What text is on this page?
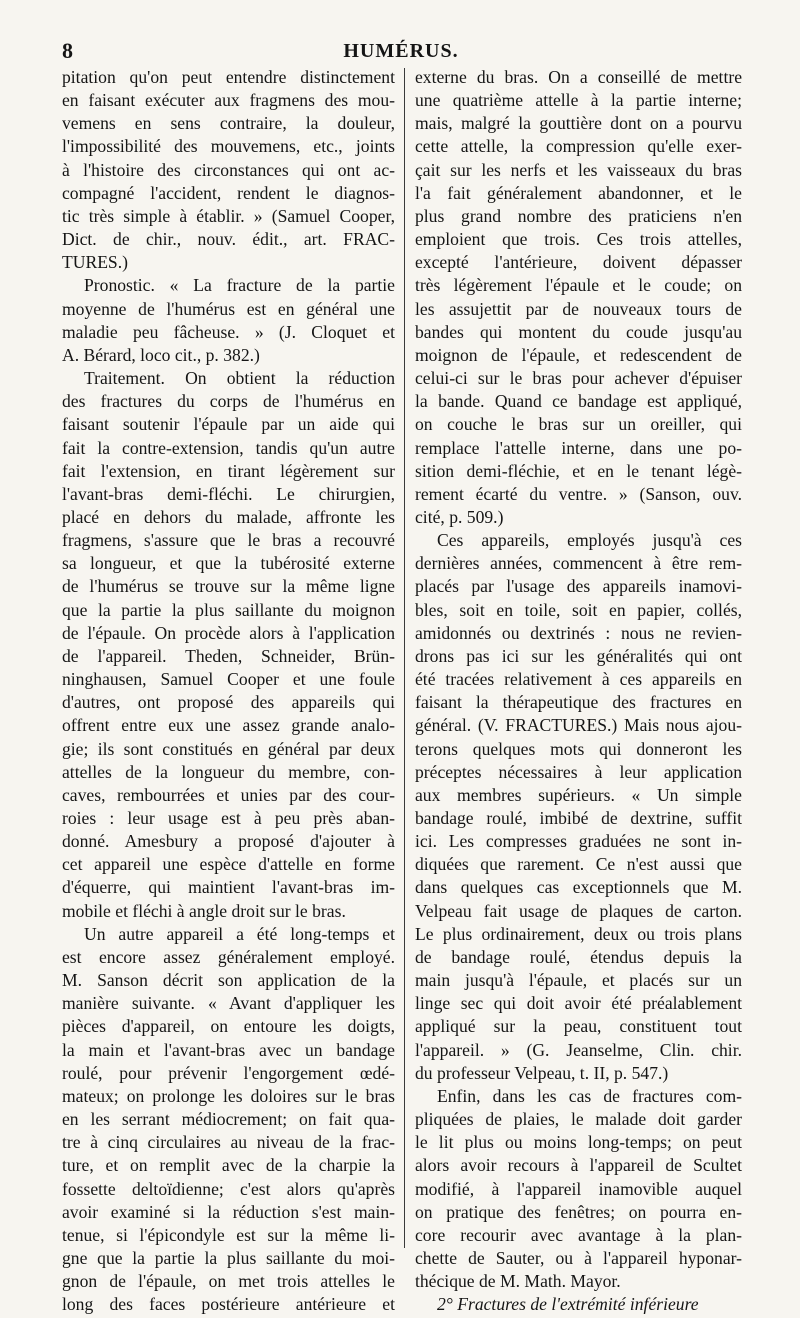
8	HUMÉRUS.
pitation qu'on peut entendre distinctement
en faisant exécuter aux fragmens des mou-
vemens en sens contraire, la douleur,
l'impossibilité des mouvemens, etc., joints
à l'histoire des circonstances qui ont ac-
compagné l'accident, rendent le diagnos-
tic très simple à établir. » (Samuel Cooper,
Dict. de chir., nouv. édit., art. FRAC-
TURES.)
Pronostic. « La fracture de la partie
moyenne de l'humérus est en général une
maladie peu fâcheuse. » (J. Cloquet et
A. Bérard, loco cit., p. 382.)
Traitement. On obtient la réduction
des fractures du corps de l'humérus en
faisant soutenir l'épaule par un aide qui
fait la contre-extension, tandis qu'un autre
fait l'extension, en tirant légèrement sur
l'avant-bras demi-fléchi. Le chirurgien,
placé en dehors du malade, affronte les
fragmens, s'assure que le bras a recouvré
sa longueur, et que la tubérosité externe
de l'humérus se trouve sur la même ligne
que la partie la plus saillante du moignon
de l'épaule. On procède alors à l'application
de l'appareil. Theden, Schneider, Brün-
ninghausen, Samuel Cooper et une foule
d'autres, ont proposé des appareils qui
offrent entre eux une assez grande analo-
gie; ils sont constitués en général par deux
attelles de la longueur du membre, con-
caves, rembourrées et unies par des cour-
roies : leur usage est à peu près aban-
donné. Amesbury a proposé d'ajouter à
cet appareil une espèce d'attelle en forme
d'équerre, qui maintient l'avant-bras im-
mobile et fléchi à angle droit sur le bras.
Un autre appareil a été long-temps et
est encore assez généralement employé.
M. Sanson décrit son application de la
manière suivante. « Avant d'appliquer les
pièces d'appareil, on entoure les doigts,
la main et l'avant-bras avec un bandage
roulé, pour prévenir l'engorgement œdé-
mateux; on prolonge les doloires sur le bras
en les serrant médiocrement; on fait qua-
tre à cinq circulaires au niveau de la frac-
ture, et on remplit avec de la charpie la
fossette deltoïdienne; c'est alors qu'après
avoir examiné si la réduction s'est main-
tenue, si l'épicondyle est sur la même li-
gne que la partie la plus saillante du moi-
gnon de l'épaule, on met trois attelles le
long des faces postérieure antérieure et
externe du bras. On a conseillé de mettre
une quatrième attelle à la partie interne;
mais, malgré la gouttière dont on a pourvu
cette attelle, la compression qu'elle exer-
çait sur les nerfs et les vaisseaux du bras
l'a fait généralement abandonner, et le
plus grand nombre des praticiens n'en
emploient que trois. Ces trois attelles,
excepté l'antérieure, doivent dépasser
très légèrement l'épaule et le coude; on
les assujettit par de nouveaux tours de
bandes qui montent du coude jusqu'au
moignon de l'épaule, et redescendent de
celui-ci sur le bras pour achever d'épuiser
la bande. Quand ce bandage est appliqué,
on couche le bras sur un oreiller, qui
remplace l'attelle interne, dans une po-
sition demi-fléchie, et en le tenant légè-
rement écarté du ventre. » (Sanson, ouv.
cité, p. 509.)
Ces appareils, employés jusqu'à ces
dernières années, commencent à être rem-
placés par l'usage des appareils inamovi-
bles, soit en toile, soit en papier, collés,
amidonnés ou dextrinés : nous ne revien-
drons pas ici sur les généralités qui ont
été tracées relativement à ces appareils en
faisant la thérapeutique des fractures en
général. (V. FRACTURES.) Mais nous ajou-
terons quelques mots qui donneront les
préceptes nécessaires à leur application
aux membres supérieurs. « Un simple
bandage roulé, imbibé de dextrine, suffit
ici. Les compresses graduées ne sont in-
diquées que rarement. Ce n'est aussi que
dans quelques cas exceptionnels que M.
Velpeau fait usage de plaques de carton.
Le plus ordinairement, deux ou trois plans
de bandage roulé, étendus depuis la
main jusqu'à l'épaule, et placés sur un
linge sec qui doit avoir été préalablement
appliqué sur la peau, constituent tout
l'appareil. » (G. Jeanselme, Clin. chir.
du professeur Velpeau, t. II, p. 547.)
Enfin, dans les cas de fractures com-
pliquées de plaies, le malade doit garder
le lit plus ou moins long-temps; on peut
alors avoir recours à l'appareil de Scultet
modifié, à l'appareil inamovible auquel
on pratique des fenêtres; on pourra en-
core recourir avec avantage à la plan-
chette de Sauter, ou à l'appareil hyponar-
thécique de M. Math. Mayor.
2° Fractures de l'extrémité inférieure
